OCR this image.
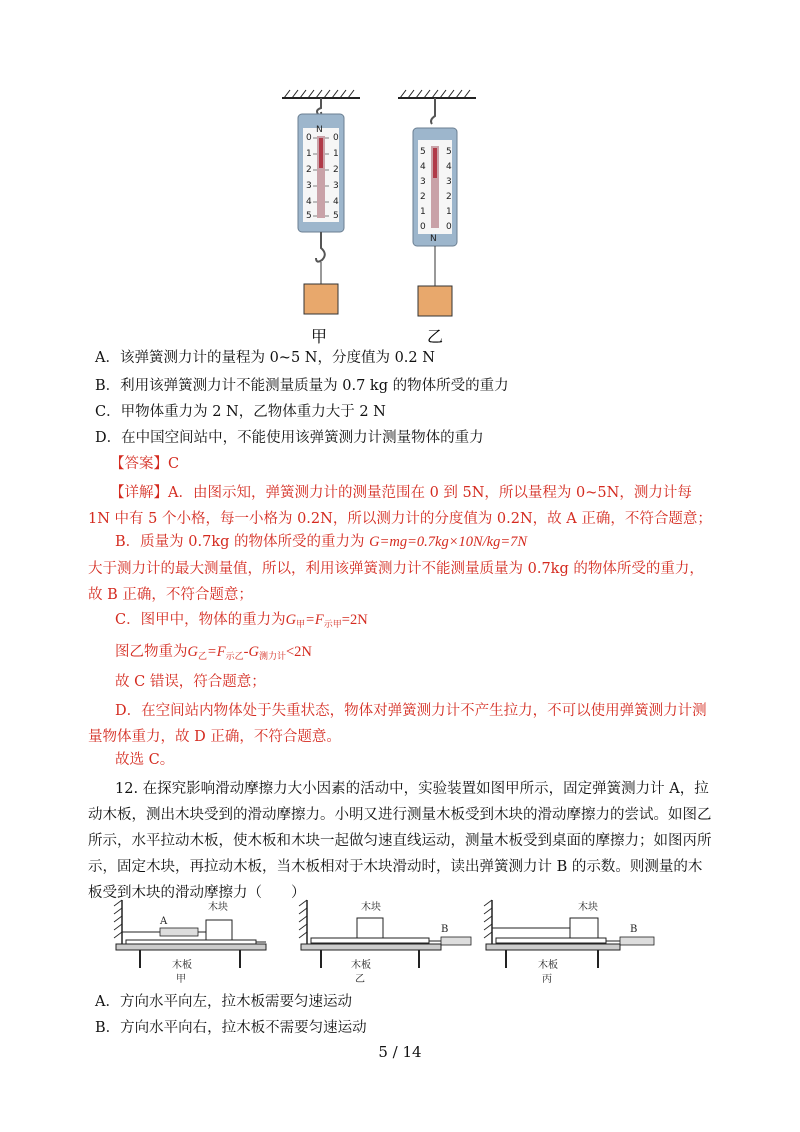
0 0
1 1
2 2
3 3
4 4
5 5
N
甲
5 5
4 4
3 3
2 2
1 1
0 0
N
乙
A．该弹簧测力计的量程为 0~5 N，分度值为 0.2 N
B．利用该弹簧测力计不能测量质量为 0.7 kg 的物体所受的重力
C．甲物体重力为 2 N，乙物体重力大于 2 N
D．在中国空间站中，不能使用该弹簧测力计测量物体的重力
【答案】C
【详解】A．由图示知，弹簧测力计的测量范围在 0 到 5N，所以量程为 0~5N，测力计每 1N 中有 5 个小格，每一小格为 0.2N，所以测力计的分度值为 0.2N，故 A 正确，不符合题意；
B．质量为 0.7kg 的物体所受的重力为 G=mg=0.7kg×10N/kg=7N
大于测力计的最大测量值，所以，利用该弹簧测力计不能测量质量为 0.7kg 的物体所受的重力，故 B 正确，不符合题意；
C．图甲中，物体的重力为$G_甲=F_{示甲}=2N$
图乙物重为$G_乙=F_{示乙}-G_{测力计}<2N$
故 C 错误，符合题意；
D．在空间站内物体处于失重状态，物体对弹簧测力计不产生拉力，不可以使用弹簧测力计测量物体重力，故 D 正确，不符合题意。
故选 C。
12. 在探究影响滑动摩擦力大小因素的活动中，实验装置如图甲所示，固定弹簧测力计 A，拉动木板，测出木块受到的滑动摩擦力。小明又进行测量木板受到木块的滑动摩擦力的尝试。如图乙所示，水平拉动木板，使木板和木块一起做匀速直线运动，测量木板受到桌面的摩擦力；如图丙所示，固定木块，再拉动木板，当木板相对于木块滑动时，读出弹簧测力计 B 的示数。则测量的木板受到木块的滑动摩擦力（　　）
木块
A
木板
甲
木块
B
木板
乙
木块
B
木板
丙
A．方向水平向左，拉木板需要匀速运动
B．方向水平向右，拉木板不需要匀速运动
5 / 14
